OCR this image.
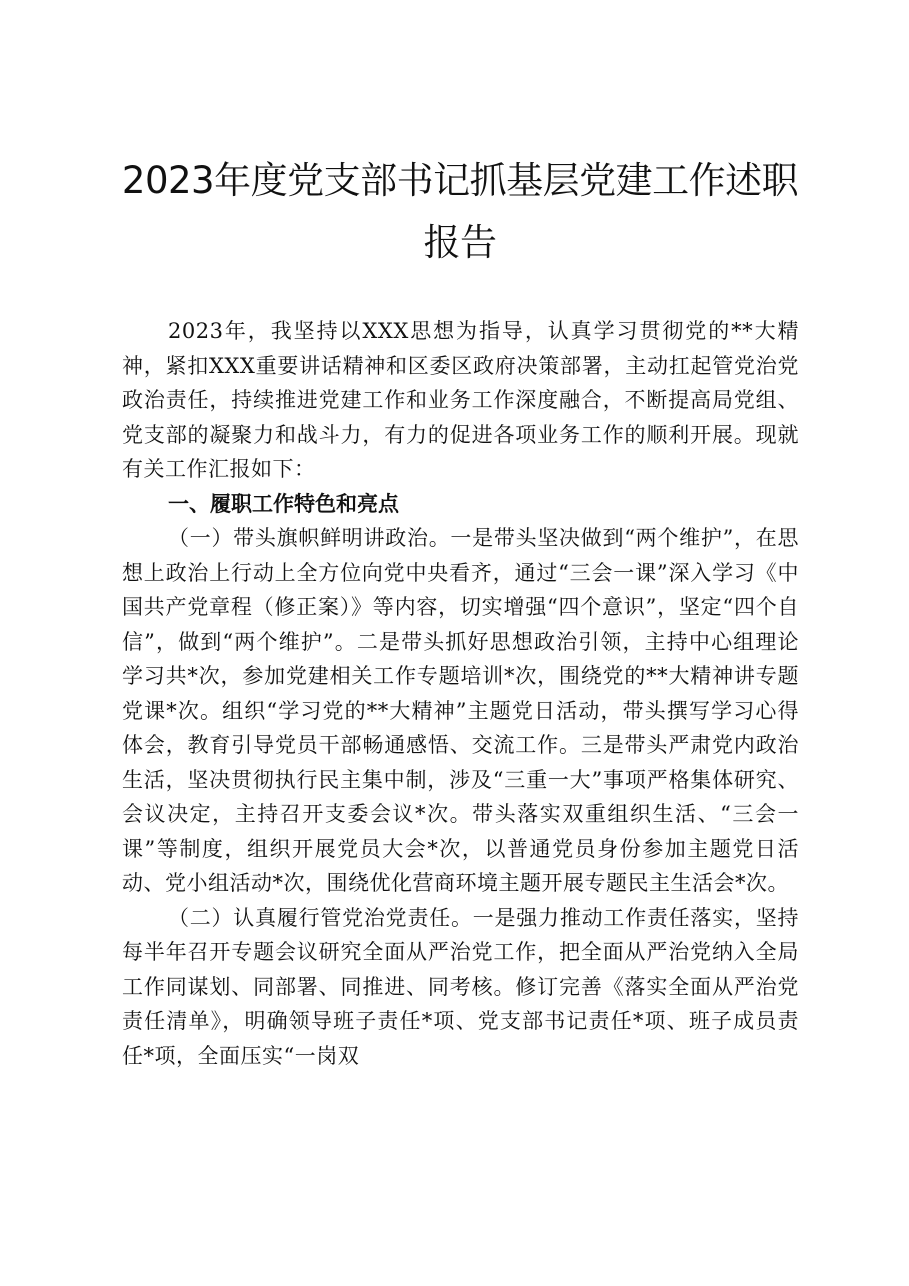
2023年度党支部书记抓基层党建工作述职报告

2023年，我坚持以XXX思想为指导，认真学习贯彻党的**大精神，紧扣XXX重要讲话精神和区委区政府决策部署，主动扛起管党治党政治责任，持续推进党建工作和业务工作深度融合，不断提高局党组、党支部的凝聚力和战斗力，有力的促进各项业务工作的顺利开展。现就有关工作汇报如下：

一、履职工作特色和亮点

（一）带头旗帜鲜明讲政治。一是带头坚决做到“两个维护”，在思想上政治上行动上全方位向党中央看齐，通过“三会一课”深入学习《中国共产党章程（修正案）》等内容，切实增强“四个意识”，坚定“四个自信”，做到“两个维护”。二是带头抓好思想政治引领，主持中心组理论学习共*次，参加党建相关工作专题培训*次，围绕党的**大精神讲专题党课*次。组织“学习党的**大精神”主题党日活动，带头撰写学习心得体会，教育引导党员干部畅通感悟、交流工作。三是带头严肃党内政治生活，坚决贯彻执行民主集中制，涉及“三重一大”事项严格集体研究、会议决定，主持召开支委会议*次。带头落实双重组织生活、“三会一课”等制度，组织开展党员大会*次，以普通党员身份参加主题党日活动、党小组活动*次，围绕优化营商环境主题开展专题民主生活会*次。

（二）认真履行管党治党责任。一是强力推动工作责任落实，坚持每半年召开专题会议研究全面从严治党工作，把全面从严治党纳入全局工作同谋划、同部署、同推进、同考核。修订完善《落实全面从严治党责任清单》，明确领导班子责任*项、党支部书记责任*项、班子成员责任*项，全面压实“一岗双
